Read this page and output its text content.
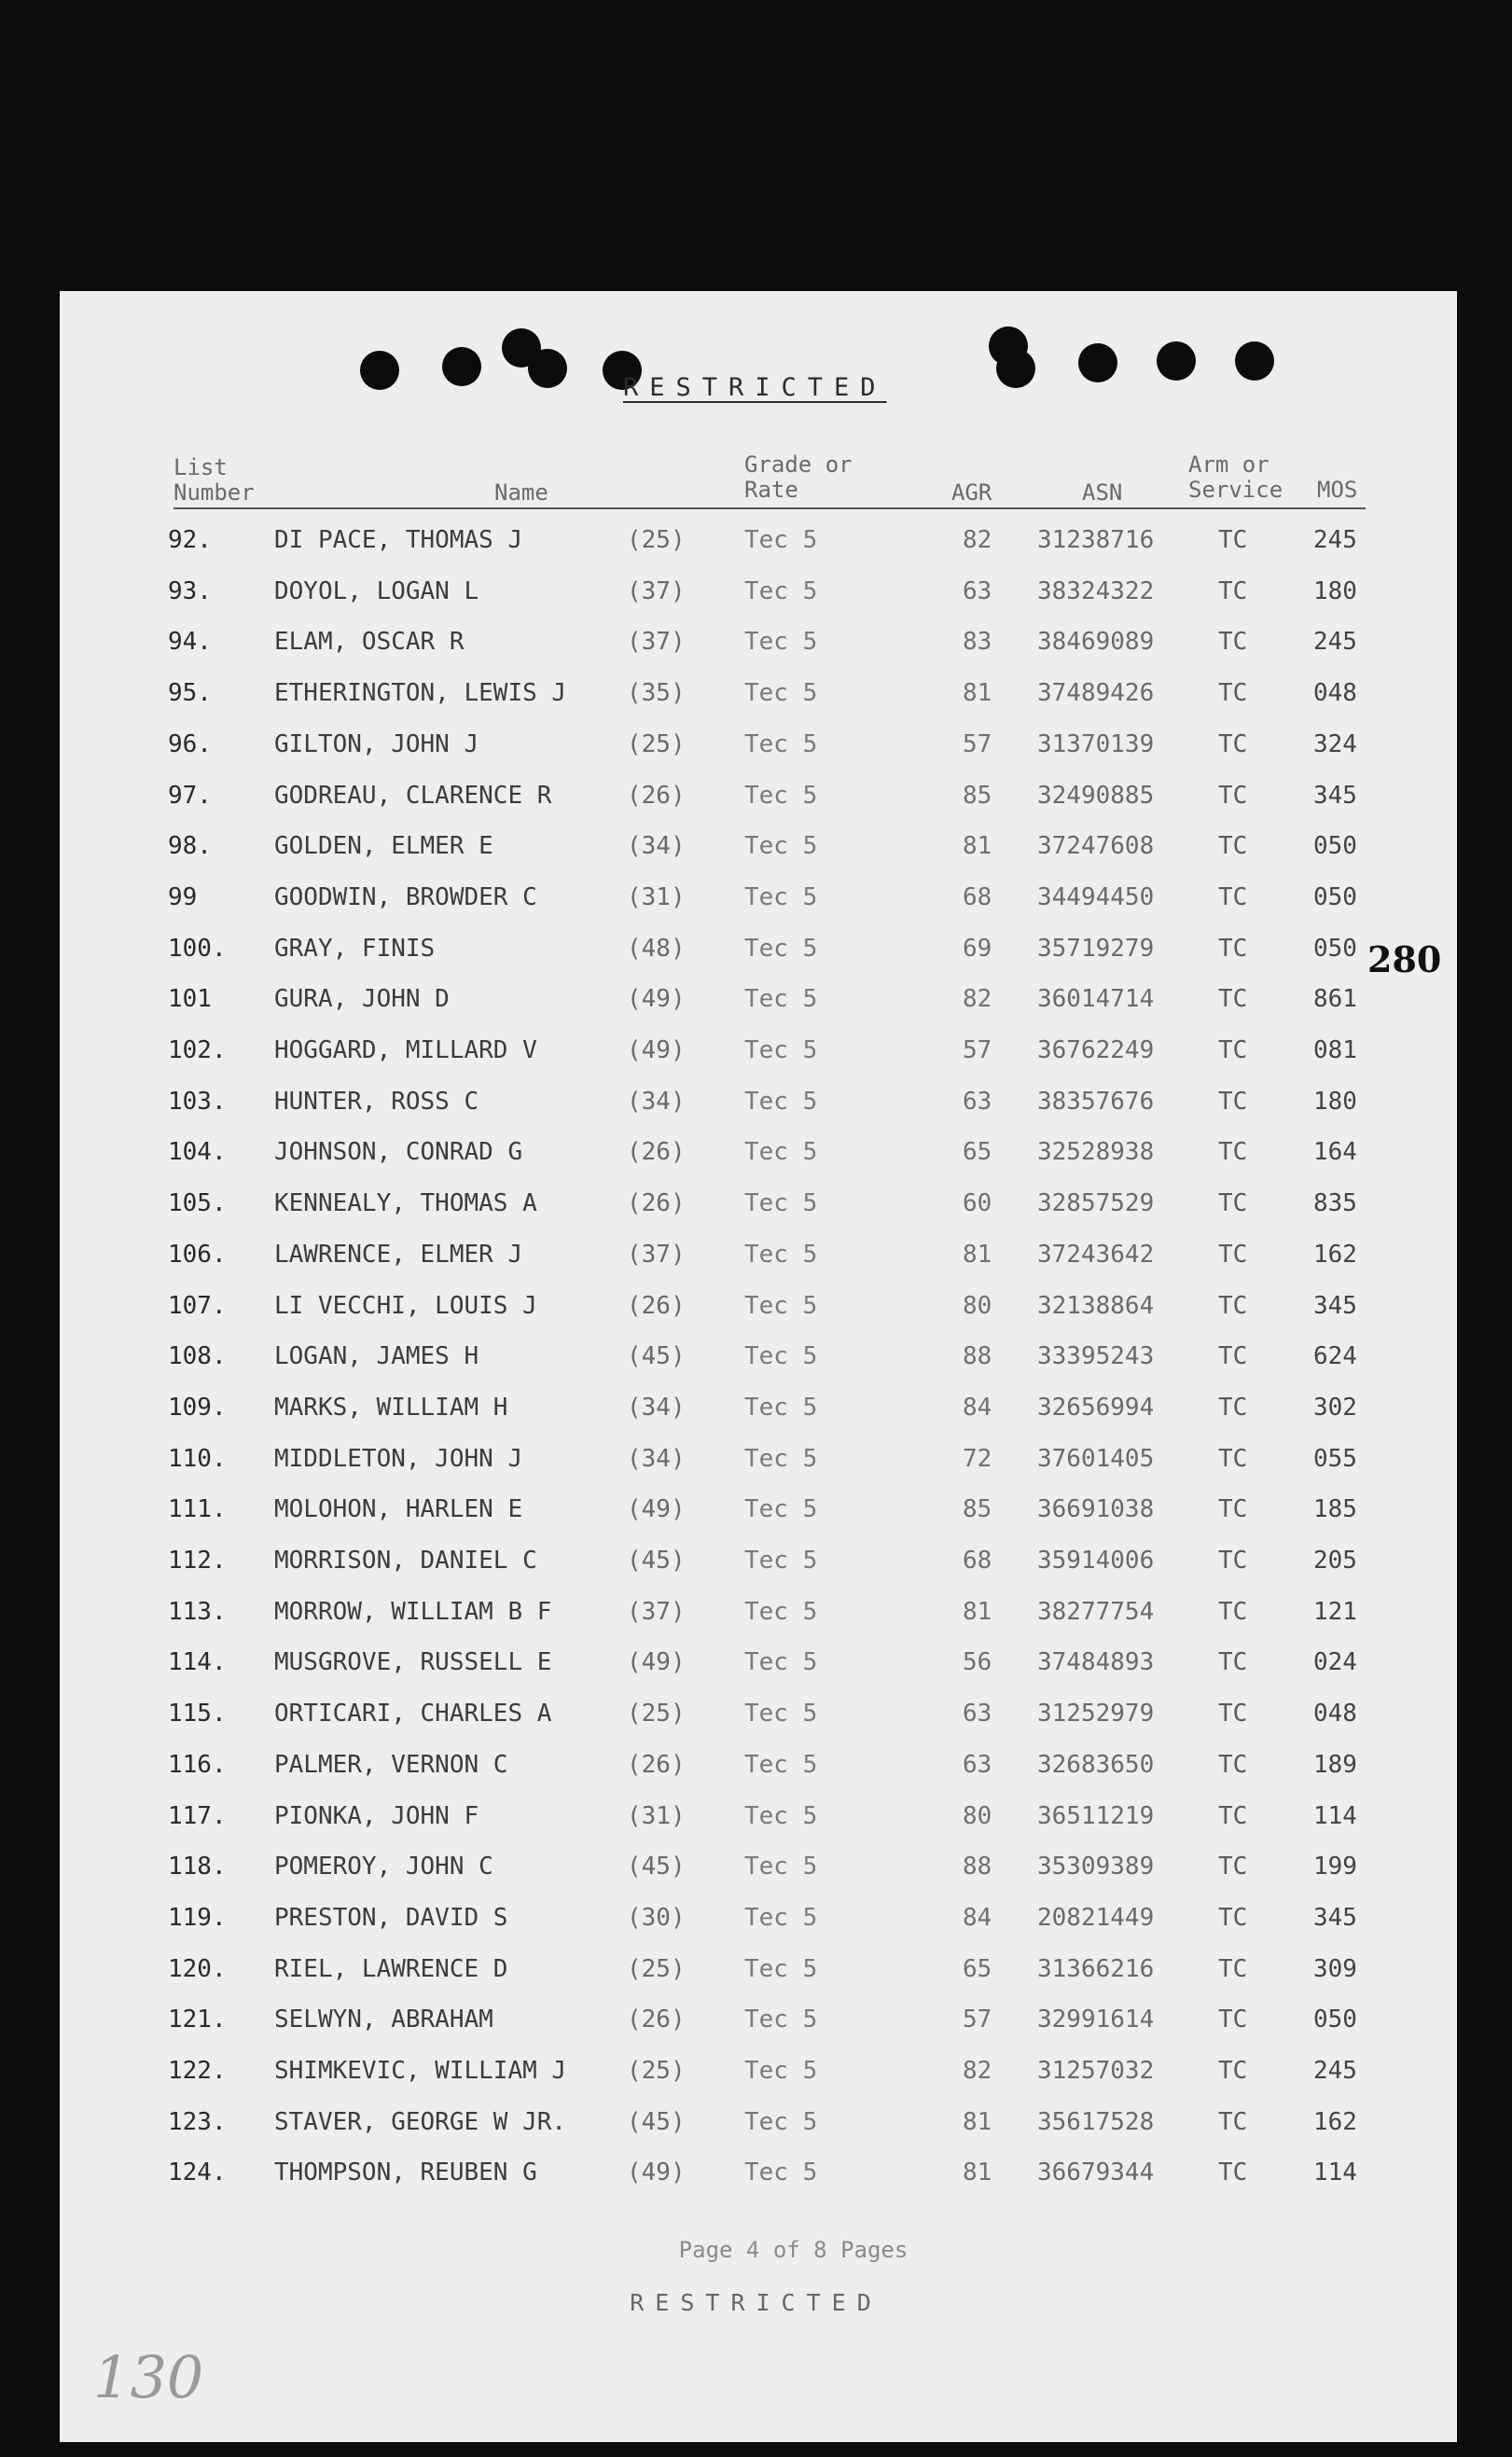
RESTRICTED
List
Number	Name
Grade or
Rate	AGR	ASN
Arm or
Service MOS
92.	DI PACE, THOMAS J	(25) Tec 5	82 31238716	TC	245
93.	DOYOL, LOGAN L	(37) Tec 5	63 38324322	TC	180
94.	ELAM, OSCAR R	(37) Tec 5	83 38469089	TC	245
95.	ETHERINGTON, LEWIS J (35) Tec 5	81 37489426	TC	048
96.	GILTON, JOHN J	(25) Tec 5	57 31370139	TC	324
97.	GODREAU, CLARENCE R	(26) Tec 5	85 32490885	TC	345
98.	GOLDEN, ELMER E	(34) Tec 5	81 37247608	TC	050
99	GOODWIN, BROWDER C	(31) Tec 5	68 34494450	TC	050
100. GRAY, FINIS	(48) Tec 5	69 35719279	TC	050
101	GURA, JOHN D	(49) Tec 5	82 36014714	TC	861
102. HOGGARD, MILLARD V	(49) Tec 5	57 36762249	TC	081
103. HUNTER, ROSS C	(34) Tec 5	63 38357676	TC	180
104. JOHNSON, CONRAD G	(26) Tec 5	65 32528938	TC	164
105. KENNEALY, THOMAS A	(26) Tec 5	60 32857529	TC	835
106. LAWRENCE, ELMER J	(37) Tec 5	81 37243642	TC	162
107. LI VECCHI, LOUIS J	(26) Tec 5	80 32138864	TC	345
108. LOGAN, JAMES H	(45) Tec 5	88 33395243	TC	624
109. MARKS, WILLIAM H	(34) Tec 5	84 32656994	TC	302
110. MIDDLETON, JOHN J	(34) Tec 5	72 37601405	TC	055
111. MOLOHON, HARLEN E	(49) Tec 5	85 36691038	TC	185
112. MORRISON, DANIEL C	(45) Tec 5	68 35914006	TC	205
113. MORROW, WILLIAM B F	(37) Tec 5	81 38277754	TC	121
114. MUSGROVE, RUSSELL E	(49) Tec 5	56 37484893	TC	024
115. ORTICARI, CHARLES A	(25) Tec 5	63 31252979	TC	048
116. PALMER, VERNON C	(26) Tec 5	63 32683650	TC	189
117. PIONKA, JOHN F	(31) Tec 5	80 36511219	TC	114
118. POMEROY, JOHN C	(45) Tec 5	88 35309389	TC	199
119. PRESTON, DAVID S	(30) Tec 5	84 20821449	TC	345
120. RIEL, LAWRENCE D	(25) Tec 5	65 31366216	TC	309
121. SELWYN, ABRAHAM	(26) Tec 5	57 32991614	TC	050
122. SHIMKEVIC, WILLIAM J (25) Tec 5	82 31257032	TC	245
123. STAVER, GEORGE W JR. (45) Tec 5	81 35617528	TC	162
124. THOMPSON, REUBEN G	(49) Tec 5	81 36679344	TC	114
280
Page 4 of 8 Pages
RESTRICTED
130
